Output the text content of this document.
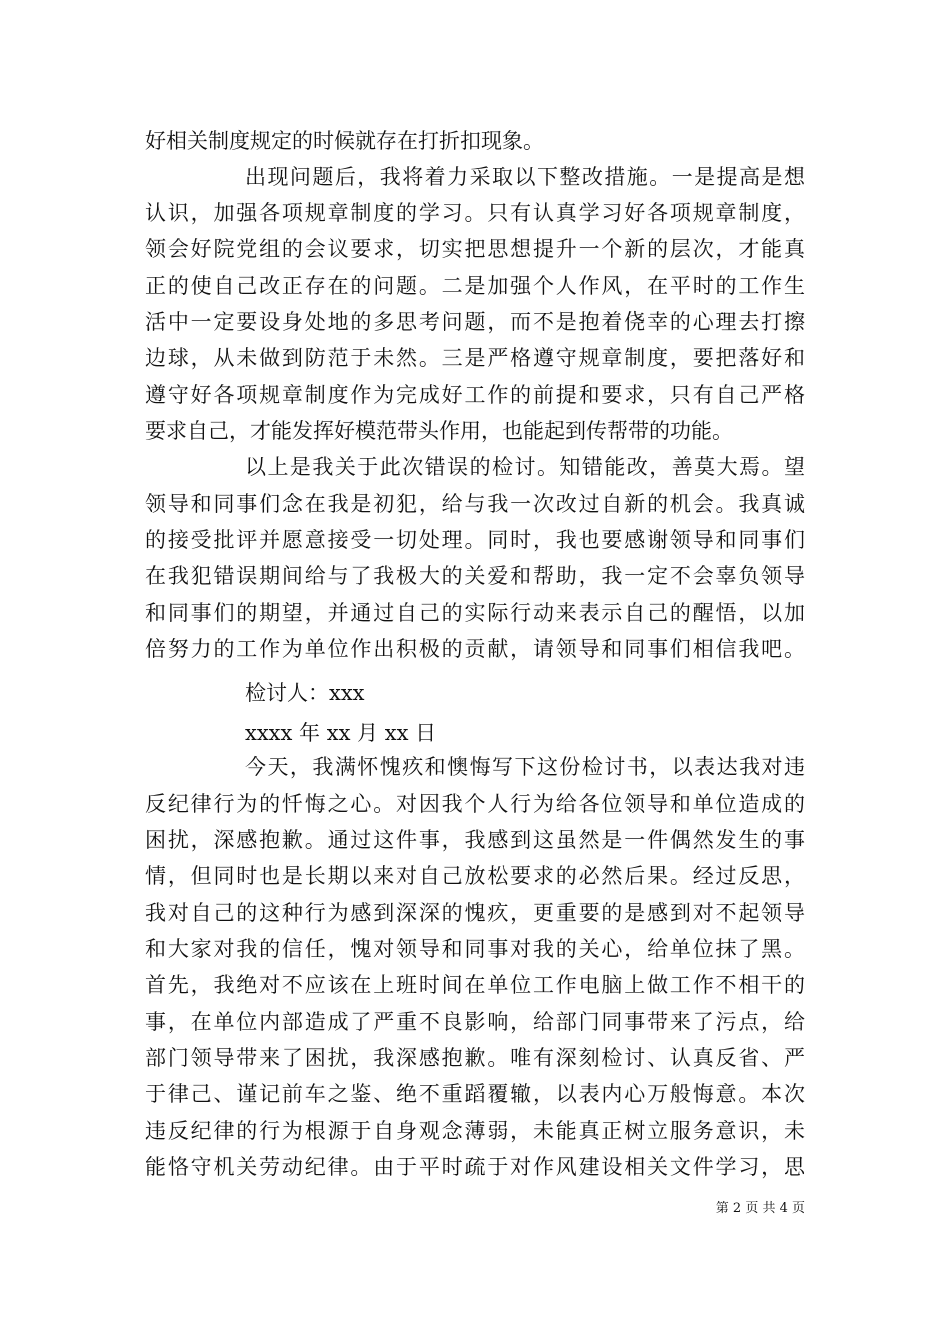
好相关制度规定的时候就存在打折扣现象。
出现问题后，我将着力采取以下整改措施。一是提高是想
认识，加强各项规章制度的学习。只有认真学习好各项规章制度，
领会好院党组的会议要求，切实把思想提升一个新的层次，才能真
正的使自己改正存在的问题。二是加强个人作风，在平时的工作生
活中一定要设身处地的多思考问题，而不是抱着侥幸的心理去打擦
边球，从未做到防范于未然。三是严格遵守规章制度，要把落好和
遵守好各项规章制度作为完成好工作的前提和要求，只有自己严格
要求自己，才能发挥好模范带头作用，也能起到传帮带的功能。
以上是我关于此次错误的检讨。知错能改，善莫大焉。望
领导和同事们念在我是初犯，给与我一次改过自新的机会。我真诚
的接受批评并愿意接受一切处理。同时，我也要感谢领导和同事们
在我犯错误期间给与了我极大的关爱和帮助，我一定不会辜负领导
和同事们的期望，并通过自己的实际行动来表示自己的醒悟，以加
倍努力的工作为单位作出积极的贡献，请领导和同事们相信我吧。
检讨人：xxx
xxxx 年 xx 月 xx 日
今天，我满怀愧疚和懊悔写下这份检讨书，以表达我对违
反纪律行为的忏悔之心。对因我个人行为给各位领导和单位造成的
困扰，深感抱歉。通过这件事，我感到这虽然是一件偶然发生的事
情，但同时也是长期以来对自己放松要求的必然后果。经过反思，
我对自己的这种行为感到深深的愧疚，更重要的是感到对不起领导
和大家对我的信任，愧对领导和同事对我的关心，给单位抹了黑。
首先，我绝对不应该在上班时间在单位工作电脑上做工作不相干的
事，在单位内部造成了严重不良影响，给部门同事带来了污点，给
部门领导带来了困扰，我深感抱歉。唯有深刻检讨、认真反省、严
于律己、谨记前车之鉴、绝不重蹈覆辙，以表内心万般悔意。本次
违反纪律的行为根源于自身观念薄弱，未能真正树立服务意识，未
能恪守机关劳动纪律。由于平时疏于对作风建设相关文件学习，思
第 2 页 共 4 页
